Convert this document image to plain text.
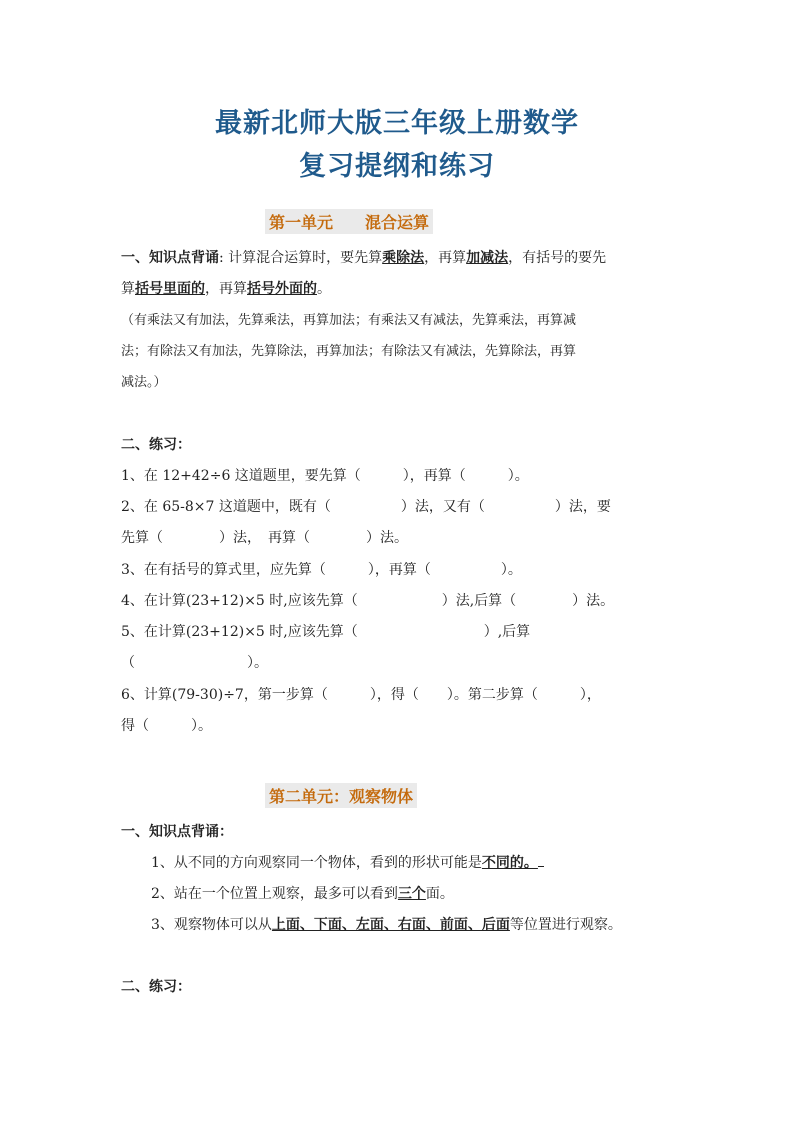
最新北师大版三年级上册数学
复习提纲和练习
第一单元 混合运算
一、知识点背诵: 计算混合运算时，要先算乘除法，再算加减法，有括号的要先
算括号里面的，再算括号外面的。
（有乘法又有加法，先算乘法，再算加法；有乘法又有减法，先算乘法，再算减
法；有除法又有加法，先算除法，再算加法；有除法又有减法，先算除法，再算
减法。）
二、练习：
1、在 12+42÷6 这道题里，要先算（　　　），再算（　　　）。
2、在 65-8×7 这道题中，既有（　　　　　）法，又有（　　　　　）法，要
先算（　　　　）法，　再算（　　　　）法。
3、在有括号的算式里，应先算（　　　），再算（　　　　　）。
4、在计算(23+12)×5 时,应该先算（　　　　　　）法,后算（　　　　）法。
5、在计算(23+12)×5 时,应该先算（　　　　　　　　　）,后算
（　　　　　　　　）。
6、计算(79-30)÷7，第一步算（　　　），得（　　）。第二步算（　　　），
得（　　　）。
第二单元：观察物体
一、知识点背诵：
1、从不同的方向观察同一个物体，看到的形状可能是不同的。
2、站在一个位置上观察，最多可以看到三个面。
3、观察物体可以从上面、下面、左面、右面、前面、后面等位置进行观察。
二、练习：
